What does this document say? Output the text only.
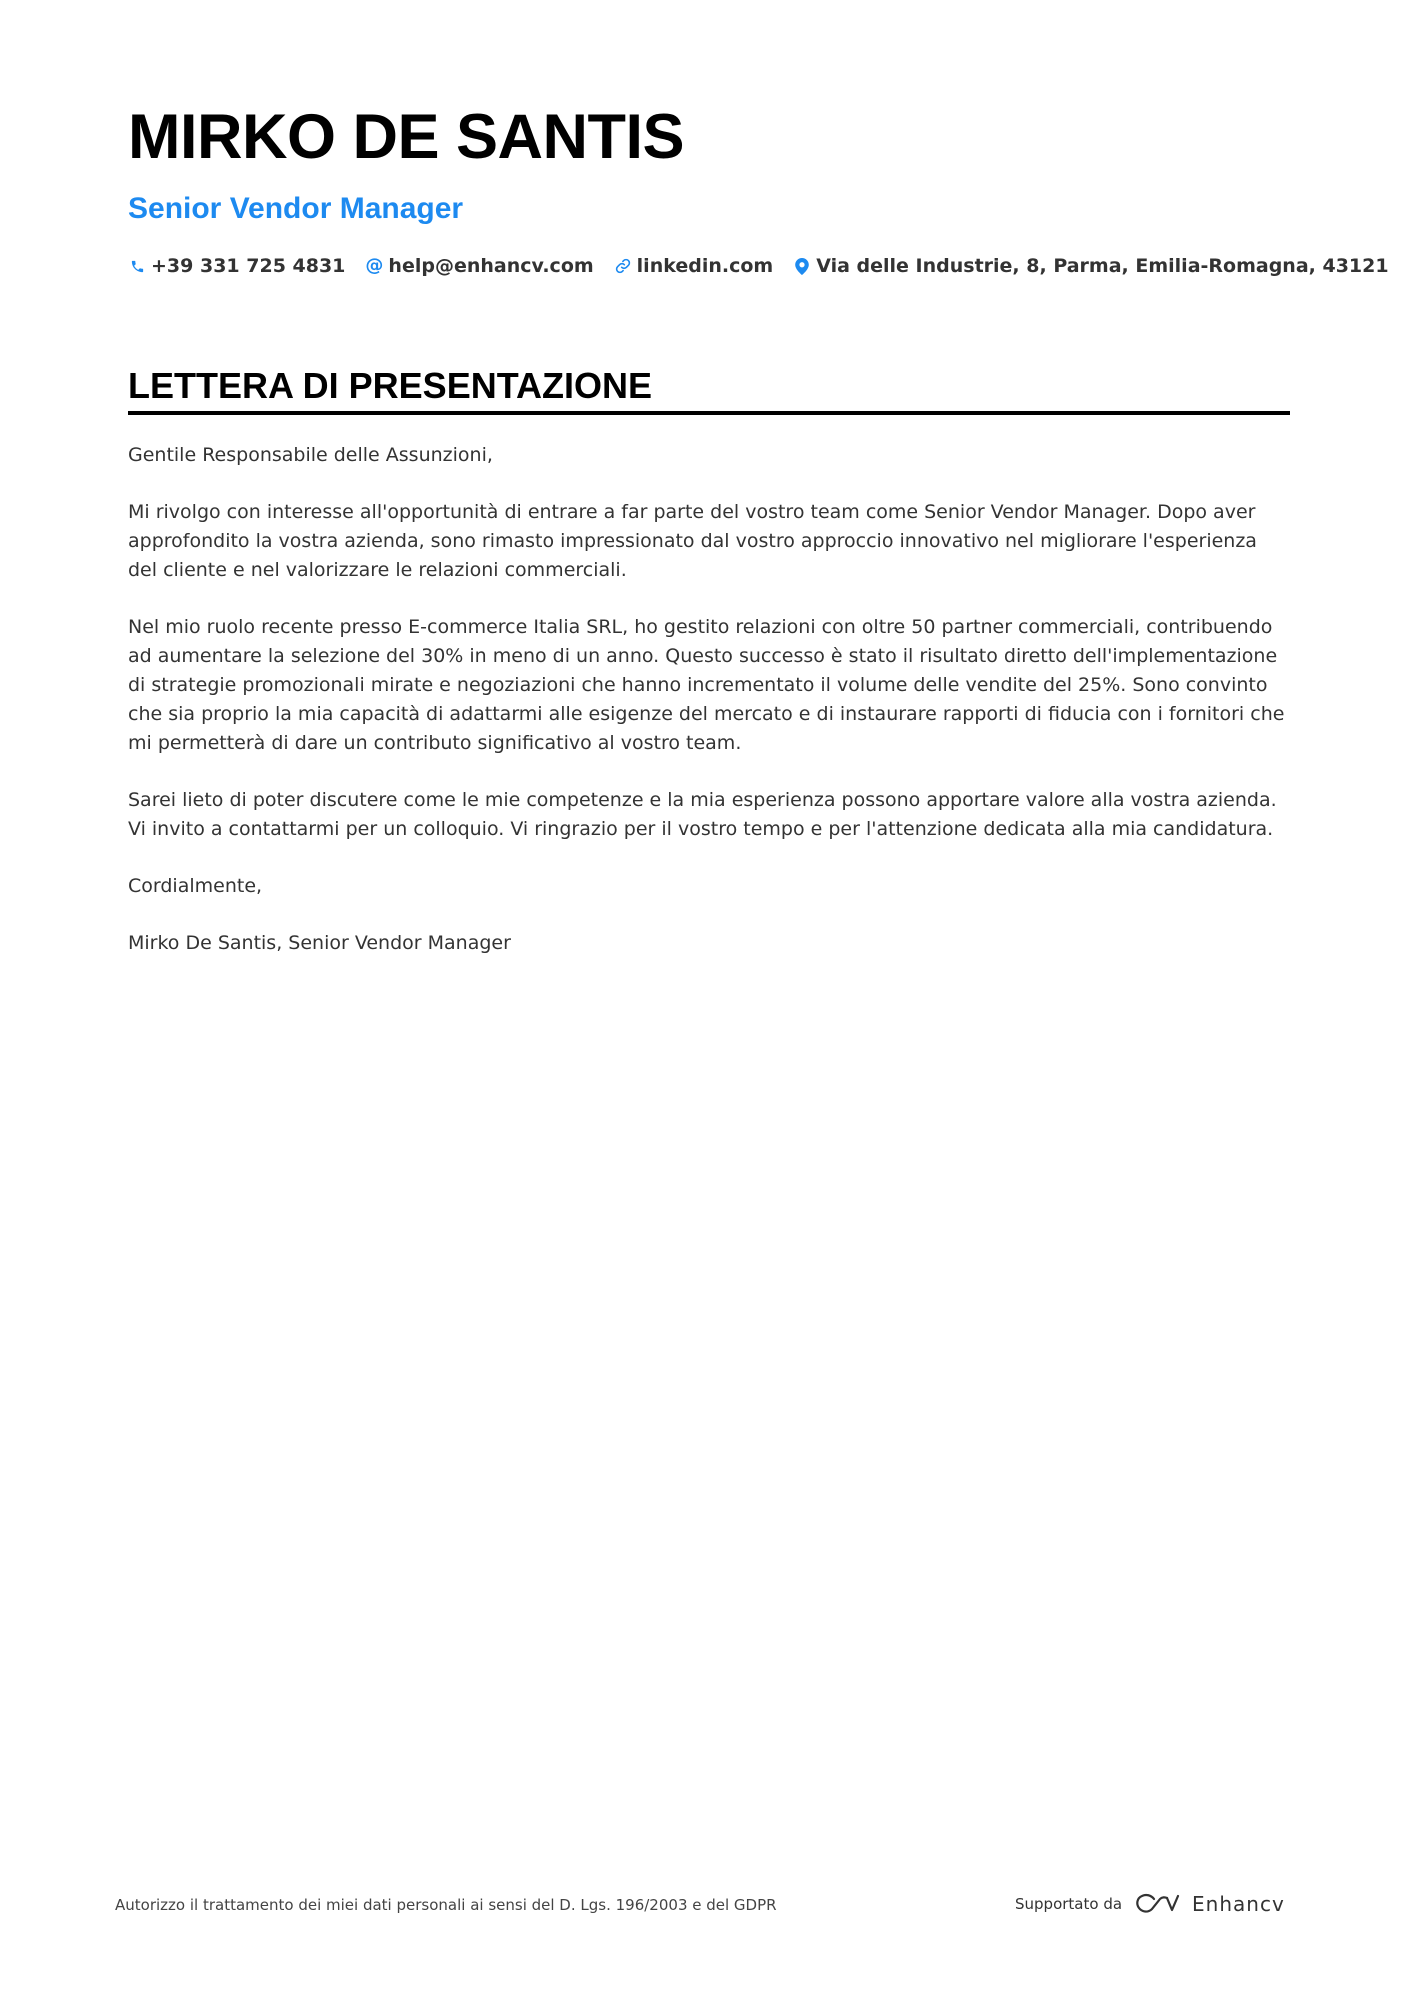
MIRKO DE SANTIS
Senior Vendor Manager
+39 331 725 4831 @ help@enhancv.com linkedin.com Via delle Industrie, 8, Parma, Emilia-Romagna, 43121
LETTERA DI PRESENTAZIONE

Gentile Responsabile delle Assunzioni,

Mi rivolgo con interesse all'opportunità di entrare a far parte del vostro team come Senior Vendor Manager. Dopo aver approfondito la vostra azienda, sono rimasto impressionato dal vostro approccio innovativo nel migliorare l'esperienza del cliente e nel valorizzare le relazioni commerciali.

Nel mio ruolo recente presso E-commerce Italia SRL, ho gestito relazioni con oltre 50 partner commerciali, contribuendo ad aumentare la selezione del 30% in meno di un anno. Questo successo è stato il risultato diretto dell'implementazione di strategie promozionali mirate e negoziazioni che hanno incrementato il volume delle vendite del 25%. Sono convinto che sia proprio la mia capacità di adattarmi alle esigenze del mercato e di instaurare rapporti di fiducia con i fornitori che mi permetterà di dare un contributo significativo al vostro team.

Sarei lieto di poter discutere come le mie competenze e la mia esperienza possono apportare valore alla vostra azienda. Vi invito a contattarmi per un colloquio. Vi ringrazio per il vostro tempo e per l'attenzione dedicata alla mia candidatura.

Cordialmente,

Mirko De Santis, Senior Vendor Manager

Autorizzo il trattamento dei miei dati personali ai sensi del D. Lgs. 196/2003 e del GDPR	Supportato da	Enhancv
